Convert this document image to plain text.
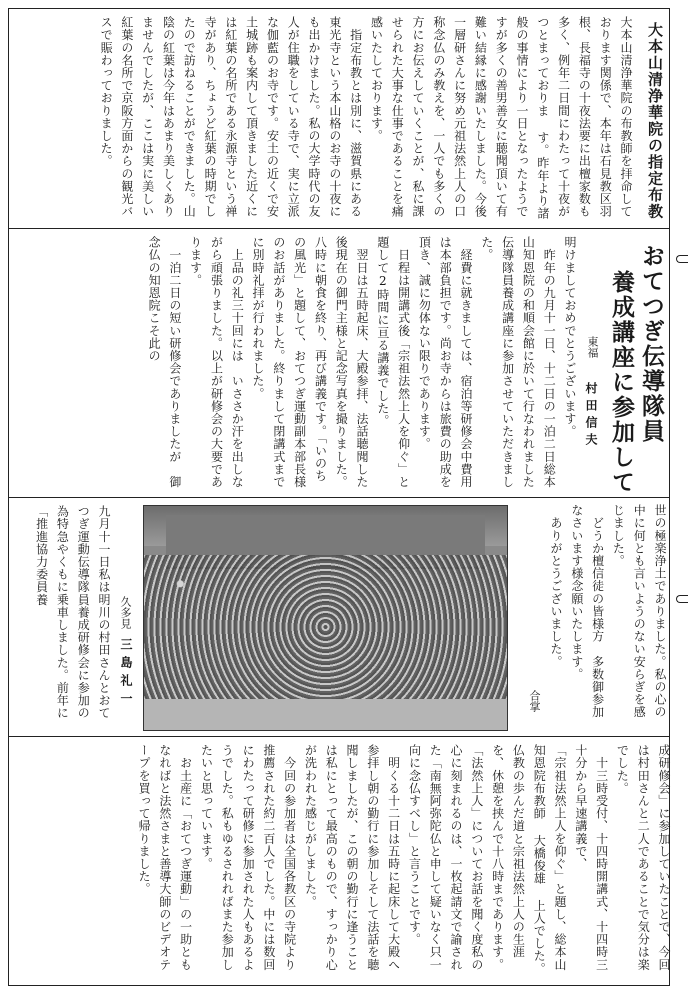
大本山清浄華院の指定布教
大本山清浄華院の布教師を拝命しております関係で、本年は石見教区羽根、長福寺の十夜法要に出檀家数も多く、例年二日間にわたって十夜がつとまっておりま す。昨年より諸般の事情により一日となったようですが多くの善男善女に聴聞頂いて有難い結縁に感謝いたしました。今後一層研さんに努め元祖法然上人の口称念仏のみ教えを、一人でも多くの方にお伝えしていくことが、私に課せられた大事な仕事であることを痛感いたしております。
　指定布教とは別に、滋賀県にある東光寺という本山格のお寺の十夜にも出かけました。私の大学時代の友人が住職をしている寺で、実に立派な伽藍のお寺です。安土の近くで安土城跡も案内して頂きました近くには紅葉の名所である永源寺という禅寺があり、ちょうど紅葉の時期でしたので訪ねることができました。山陰の紅葉は今年はあまり美しくありませんでしたが、ここは実に美しい紅葉の名所で京阪方面からの観光バスで賑わっておりました。
おてつぎ伝導隊員
養成講座に参加して
東福
村田信夫
明けましておめでとうございます。
　昨年の九月十一日、十二日の一泊二日総本山知恩院の和順会館に於いて行なわれました伝導隊員養成講座に参加させていただきました。
　経費に就きましては、宿泊等研修会中費用は本部負担です。尚お寺からは旅費の助成を頂き、誠に勿体ない限りであります。
　日程は開講式後「宗祖法然上人を仰ぐ」と題して2時間に亘る講義でした。
　翌日は五時起床、大殿参拝、法話聴聞した後現在の御門主様と記念写真を撮りました。八時に朝食を終り、再び講義です。「いのちの風光」と題して、おてつぎ運動副本部長様のお話がありました。終りまして閉講式までに別時礼拝が行われました。
　上品の礼三十回には　いささか汗を出しながら頑張りました。以上が研修会の大要であります。
　一泊二日の短い研修会でありましたが　御念仏の知恩院こそ此の
世の極楽浄土でありました。私の心の中に何とも言いようのない安らぎを感じました。
　どうか檀信徒の皆様方　多数御参加なさいます様念願いたします。
　ありがとうございました。
合掌
久多見
三島礼一
九月十一日私は明川の村田さんとおてつぎ運動伝導隊員養成研修会に参加の為特急やくもに乗車しました。前年に「推進協力委員養
成研修会」に参加していたことで、今回は村田さんと二人であることで気分は楽でした。
　十三時受付、十四時開講式、十四時三十分から早速講義で、
「宗祖法然上人を仰ぐ」と題し、総本山知恩院布教師 大橋俊雄 上人でした。仏教の歩んだ道と宗祖法然上人の生涯を、休憩を挟んで十八時まであります。「法然上人」についてお話を聞く度私の心に刻まれるのは、一枚起請文で諭された「南無阿弥陀仏と申して疑いなく只一向に念仏すべし」と言うことです。
　明くる十二日は五時に起床して大殿へ参拝し朝の勤行に参加しそして法話を聴聞しましたが、この朝の勤行に逢うことは私にとって最高のもので、すっかり心が洗われた感じがしました。
　今回の参加者は全国各教区の寺院より推薦された約二百人でした。中には数回にわたって研修に参加された人もあるようでした。私もゆるされればまた参加したいと思っています。
　お土産に「おてつぎ運動」の一助ともなればと法然さまと善導大師のビデオテープを買って帰りました。
